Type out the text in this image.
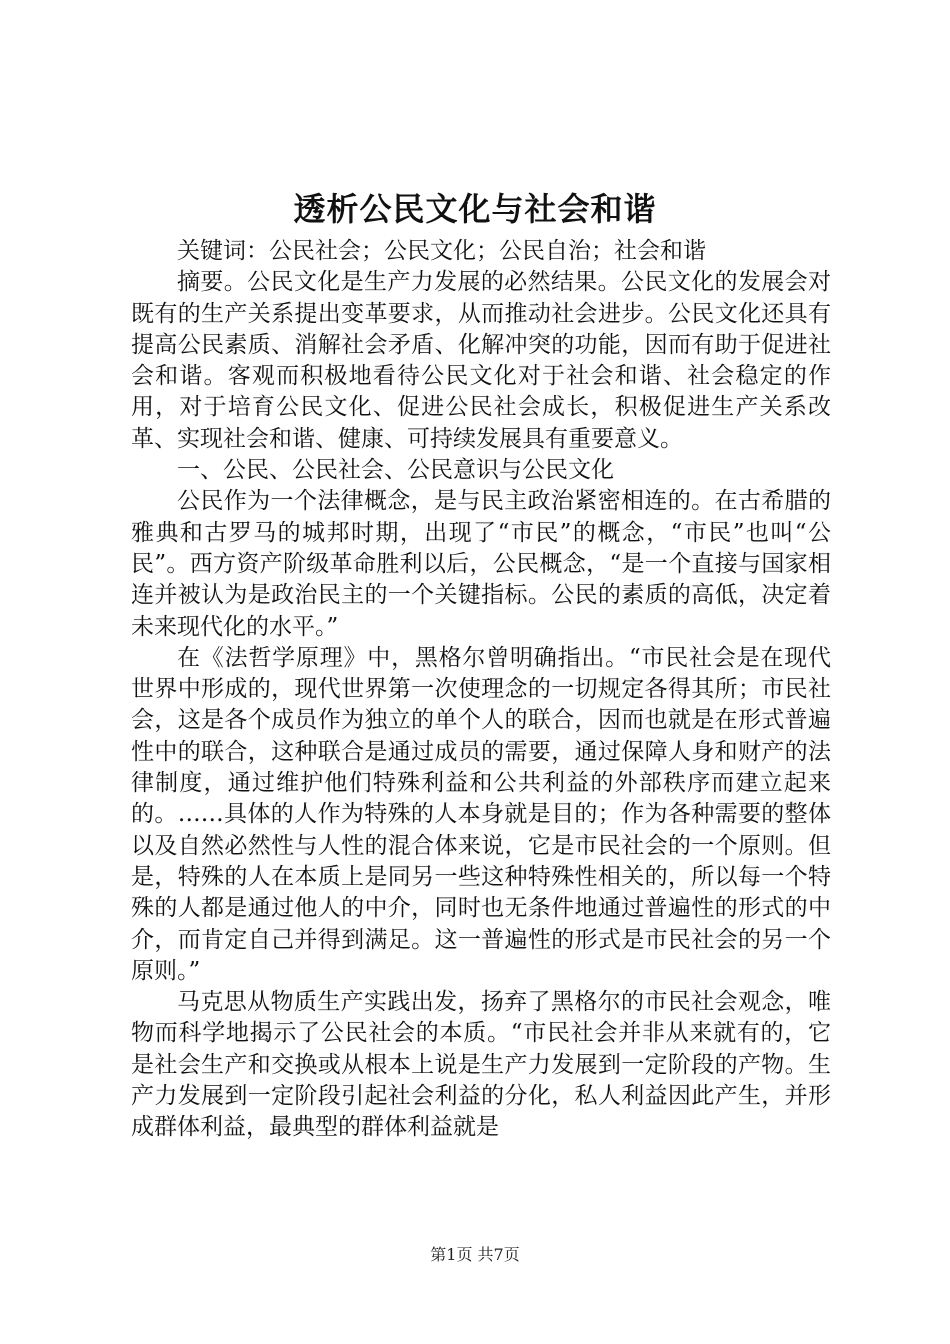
透析公民文化与社会和谐

关键词：公民社会；公民文化；公民自治；社会和谐

摘要。公民文化是生产力发展的必然结果。公民文化的发展会对既有的生产关系提出变革要求，从而推动社会进步。公民文化还具有提高公民素质、消解社会矛盾、化解冲突的功能，因而有助于促进社会和谐。客观而积极地看待公民文化对于社会和谐、社会稳定的作用，对于培育公民文化、促进公民社会成长，积极促进生产关系改革、实现社会和谐、健康、可持续发展具有重要意义。

一、公民、公民社会、公民意识与公民文化

公民作为一个法律概念，是与民主政治紧密相连的。在古希腊的雅典和古罗马的城邦时期，出现了“市民”的概念，“市民”也叫“公民”。西方资产阶级革命胜利以后，公民概念，“是一个直接与国家相连并被认为是政治民主的一个关键指标。公民的素质的高低，决定着未来现代化的水平。”

在《法哲学原理》中，黑格尔曾明确指出。“市民社会是在现代世界中形成的，现代世界第一次使理念的一切规定各得其所；市民社会，这是各个成员作为独立的单个人的联合，因而也就是在形式普遍性中的联合，这种联合是通过成员的需要，通过保障人身和财产的法律制度，通过维护他们特殊利益和公共利益的外部秩序而建立起来的。……具体的人作为特殊的人本身就是目的；作为各种需要的整体以及自然必然性与人性的混合体来说，它是市民社会的一个原则。但是，特殊的人在本质上是同另一些这种特殊性相关的，所以每一个特殊的人都是通过他人的中介，同时也无条件地通过普遍性的形式的中介，而肯定自己并得到满足。这一普遍性的形式是市民社会的另一个原则。”

马克思从物质生产实践出发，扬弃了黑格尔的市民社会观念，唯物而科学地揭示了公民社会的本质。“市民社会并非从来就有的，它是社会生产和交换或从根本上说是生产力发展到一定阶段的产物。生产力发展到一定阶段引起社会利益的分化，私人利益因此产生，并形成群体利益，最典型的群体利益就是

第1页 共7页
